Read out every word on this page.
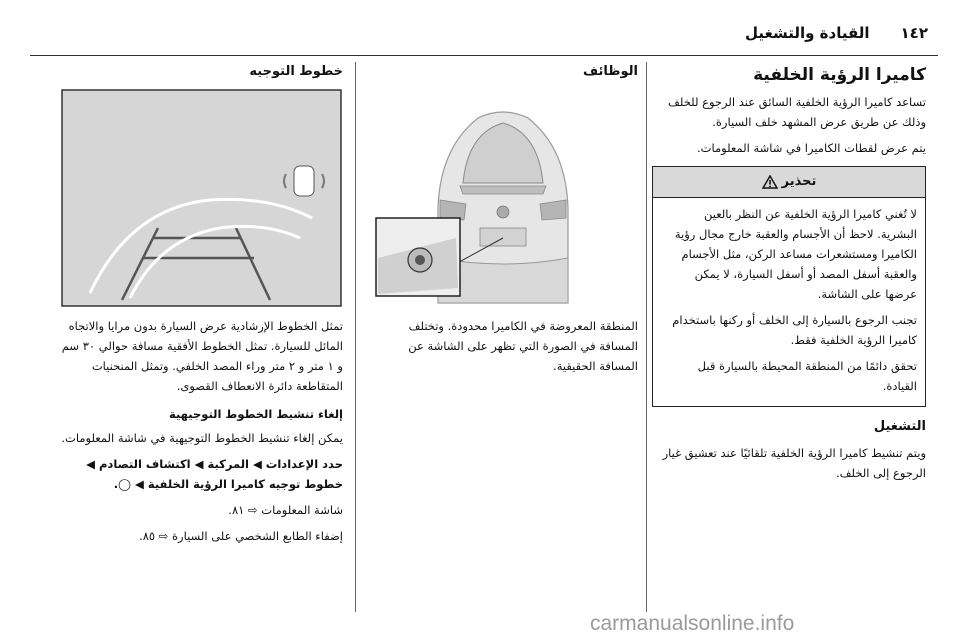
١٤٢
القيادة والتشغيل
كاميرا الرؤية الخلفية

تساعد كاميرا الرؤية الخلفية السائق عند الرجوع للخلف وذلك عن طريق عرض المشهد خلف السيارة.

يتم عرض لقطات الكاميرا في شاشة المعلومات.

تحذير

لا تُغني كاميرا الرؤية الخلفية عن النظر بالعين البشرية. لاحظ أن الأجسام والعقبة خارج مجال رؤية الكاميرا ومستشعرات مساعد الركن، مثل الأجسام والعقبة أسفل المصد أو أسفل السيارة، لا يمكن عرضها على الشاشة.

تجنب الرجوع بالسيارة إلى الخلف أو ركنها باستخدام كاميرا الرؤية الخلفية فقط.

تحقق دائمًا من المنطقة المحيطة بالسيارة قبل القيادة.

التشغيل

ويتم تنشيط كاميرا الرؤية الخلفية تلقائيًا عند تعشيق غيار الرجوع إلى الخلف.

الوظائف
المنطقة المعروضة في الكاميرا محدودة. وتختلف المسافة في الصورة التي تظهر على الشاشة عن المسافة الحقيقية.
خطوط التوجيه

تمثل الخطوط الإرشادية عرض السيارة بدون مرايا والاتجاه المائل للسيارة. تمثل الخطوط الأفقية مسافة حوالي ٣٠ سم و ١ متر و ٢ متر وراء المصد الخلفي. وتمثل المنحنيات المتقاطعة دائرة الانعطاف القصوى.

إلغاء تنشيط الخطوط التوجيهية

يمكن إلغاء تنشيط الخطوط التوجيهية في شاشة المعلومات.

حدد الإعدادات ◀ المركبة ◀ اكتشاف التصادم ◀ خطوط توجيه كاميرا الرؤية الخلفية ◀ ◯.

شاشة المعلومات ⇨ ٨١.

إضفاء الطابع الشخصي على السيارة ⇨ ٨٥.

carmanualsonline.info
